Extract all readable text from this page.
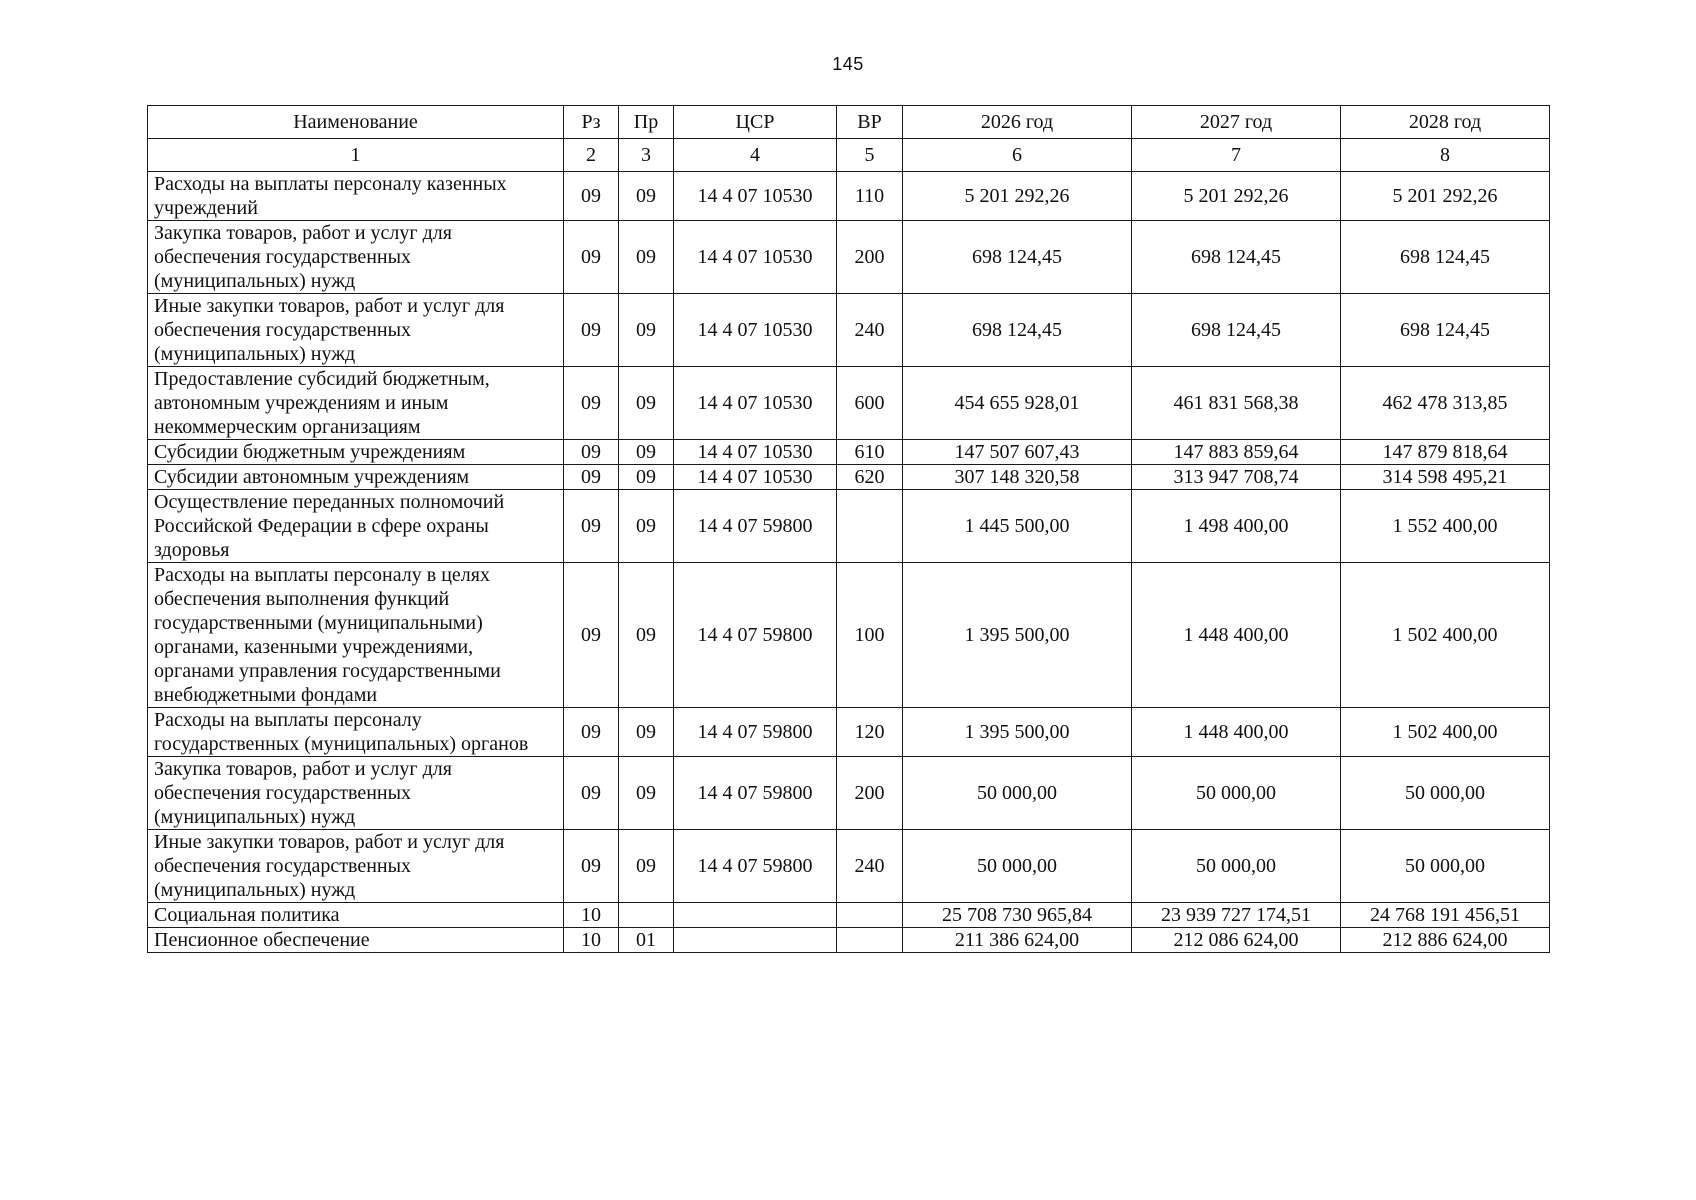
145
Наименование	Рз	Пр	ЦСР	ВР	2026 год	2027 год	2028 год
1	2	3	4	5	6	7	8
Расходы на выплаты персоналу казенных учреждений	09	09	14 4 07 10530	110	5 201 292,26	5 201 292,26	5 201 292,26
Закупка товаров, работ и услуг для обеспечения государственных (муниципальных) нужд	09	09	14 4 07 10530	200	698 124,45	698 124,45	698 124,45
Иные закупки товаров, работ и услуг для обеспечения государственных (муниципальных) нужд	09	09	14 4 07 10530	240	698 124,45	698 124,45	698 124,45
Предоставление субсидий бюджетным, автономным учреждениям и иным некоммерческим организациям	09	09	14 4 07 10530	600	454 655 928,01	461 831 568,38	462 478 313,85
Субсидии бюджетным учреждениям	09	09	14 4 07 10530	610	147 507 607,43	147 883 859,64	147 879 818,64
Субсидии автономным учреждениям	09	09	14 4 07 10530	620	307 148 320,58	313 947 708,74	314 598 495,21
Осуществление переданных полномочий Российской Федерации в сфере охраны здоровья	09	09	14 4 07 59800		1 445 500,00	1 498 400,00	1 552 400,00
Расходы на выплаты персоналу в целях обеспечения выполнения функций государственными (муниципальными) органами, казенными учреждениями, органами управления государственными внебюджетными фондами	09	09	14 4 07 59800	100	1 395 500,00	1 448 400,00	1 502 400,00
Расходы на выплаты персоналу государственных (муниципальных) органов	09	09	14 4 07 59800	120	1 395 500,00	1 448 400,00	1 502 400,00
Закупка товаров, работ и услуг для обеспечения государственных (муниципальных) нужд	09	09	14 4 07 59800	200	50 000,00	50 000,00	50 000,00
Иные закупки товаров, работ и услуг для обеспечения государственных (муниципальных) нужд	09	09	14 4 07 59800	240	50 000,00	50 000,00	50 000,00
Социальная политика	10				25 708 730 965,84	23 939 727 174,51	24 768 191 456,51
Пенсионное обеспечение	10	01			211 386 624,00	212 086 624,00	212 886 624,00
